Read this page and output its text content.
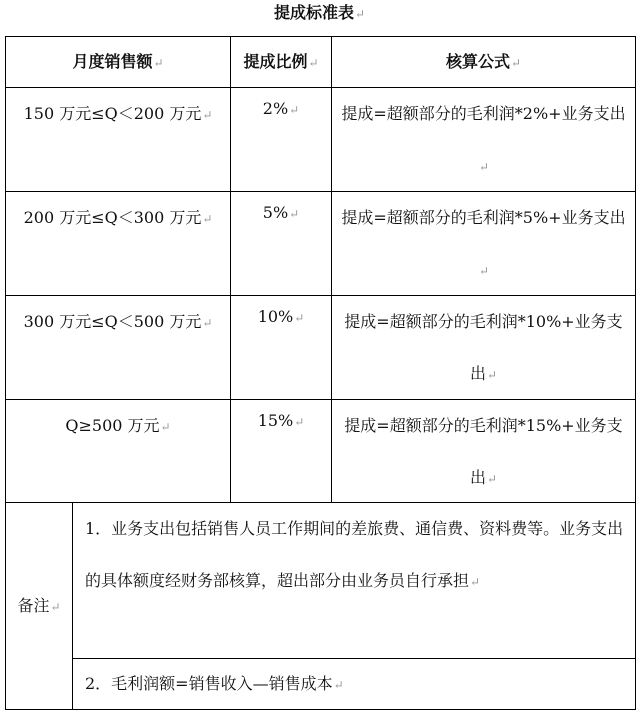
提成标准表↵
月度销售额↵	提成比例↵	核算公式↵
150 万元≤Q＜200 万元↵	2%↵	提成=超额部分的毛利润*2%+业务支出↵
200 万元≤Q＜300 万元↵	5%↵	提成=超额部分的毛利润*5%+业务支出↵
300 万元≤Q＜500 万元↵	10%↵	提成=超额部分的毛利润*10%+业务支出↵
Q≥500 万元↵	15%↵	提成=超额部分的毛利润*15%+业务支出↵
备注↵
1．业务支出包括销售人员工作期间的差旅费、通信费、资料费等。业务支出的具体额度经财务部核算，超出部分由业务员自行承担↵
2．毛利润额=销售收入—销售成本↵
